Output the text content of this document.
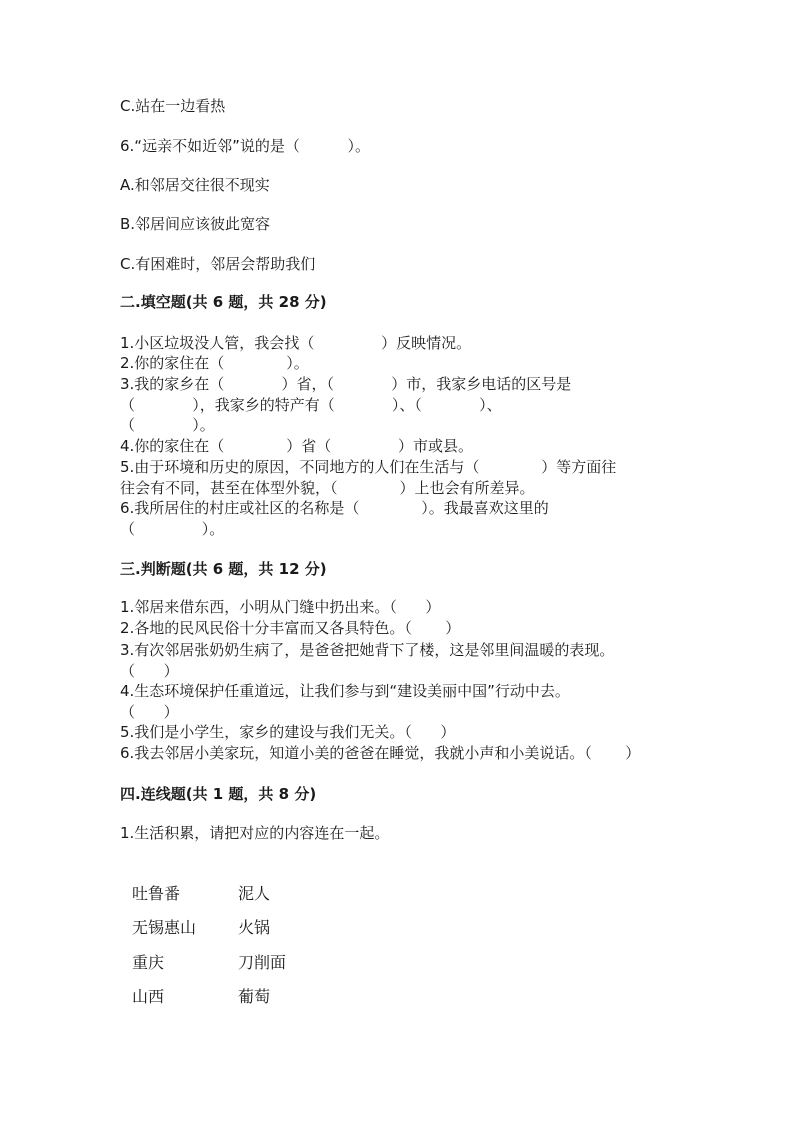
C.站在一边看热

6.“远亲不如近邻”说的是（          ）。

A.和邻居交往很不现实

B.邻居间应该彼此宽容

C.有困难时，邻居会帮助我们

二.填空题(共 6 题，共 28 分)

1.小区垃圾没人管，我会找（              ）反映情况。

2.你的家住在（             ）。

3.我的家乡在（            ）省，（            ）市，我家乡电话的区号是

（            ），我家乡的特产有（            ）、（            ）、

（            ）。

4.你的家住在（             ）省（              ）市或县。

5.由于环境和历史的原因，不同地方的人们在生活与（             ）等方面往

往会有不同，甚至在体型外貌，（             ）上也会有所差异。

6.我所居住的村庄或社区的名称是（             ）。我最喜欢这里的

（              ）。

三.判断题(共 6 题，共 12 分)

1.邻居来借东西，小明从门缝中扔出来。（      ）

2.各地的民风民俗十分丰富而又各具特色。（       ）

3.有次邻居张奶奶生病了，是爸爸把她背下了楼，这是邻里间温暖的表现。

（      ）

4.生态环境保护任重道远，让我们参与到“建设美丽中国”行动中去。

（      ）

5.我们是小学生，家乡的建设与我们无关。（      ）

6.我去邻居小美家玩，知道小美的爸爸在睡觉，我就小声和小美说话。（       ）

四.连线题(共 1 题，共 8 分)

1.生活积累，请把对应的内容连在一起。

吐鲁番

无锡惠山

重庆

山西

泥人

火锅

刀削面

葡萄
